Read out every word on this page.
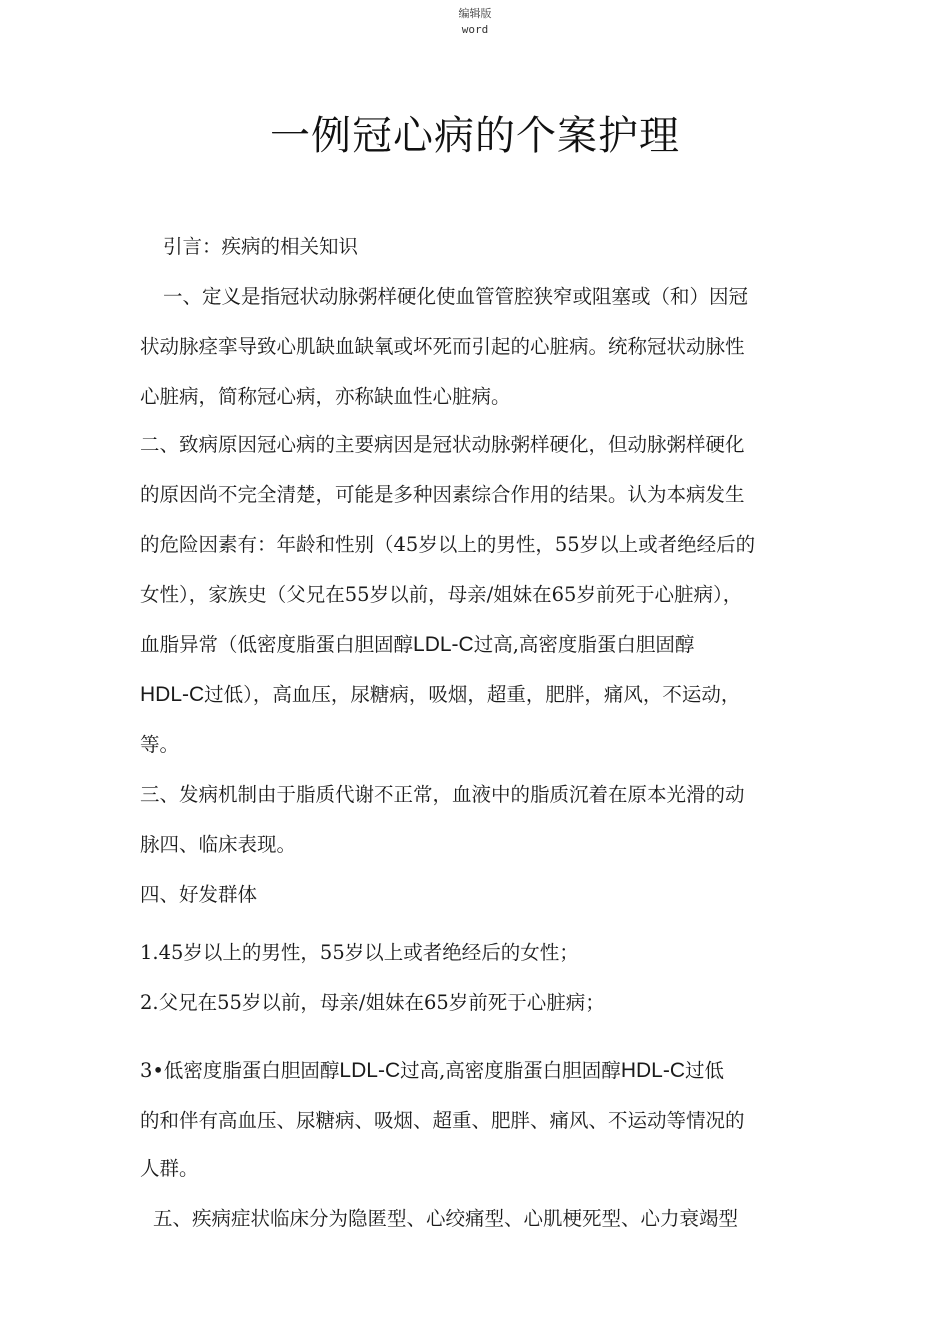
编辑版
word
一例冠心病的个案护理
引言：疾病的相关知识
一、定义是指冠状动脉粥样硬化使血管管腔狭窄或阻塞或（和）因冠
状动脉痉挛导致心肌缺血缺氧或坏死而引起的心脏病。统称冠状动脉性
心脏病，简称冠心病，亦称缺血性心脏病。
二、致病原因冠心病的主要病因是冠状动脉粥样硬化，但动脉粥样硬化
的原因尚不完全清楚，可能是多种因素综合作用的结果。认为本病发生
的危险因素有：年龄和性别（45岁以上的男性，55岁以上或者绝经后的
女性），家族史（父兄在55岁以前，母亲/姐妹在65岁前死于心脏病），
血脂异常（低密度脂蛋白胆固醇LDL-C过高,高密度脂蛋白胆固醇
HDL-C过低），高血压，尿糖病，吸烟，超重，肥胖，痛风，不运动，
等。
三、发病机制由于脂质代谢不正常，血液中的脂质沉着在原本光滑的动
脉四、临床表现。
四、好发群体
1.45岁以上的男性，55岁以上或者绝经后的女性；
2.父兄在55岁以前，母亲/姐妹在65岁前死于心脏病；
3•低密度脂蛋白胆固醇LDL-C过高,高密度脂蛋白胆固醇HDL-C过低
的和伴有高血压、尿糖病、吸烟、超重、肥胖、痛风、不运动等情况的
人群。
五、疾病症状临床分为隐匿型、心绞痛型、心肌梗死型、心力衰竭型
